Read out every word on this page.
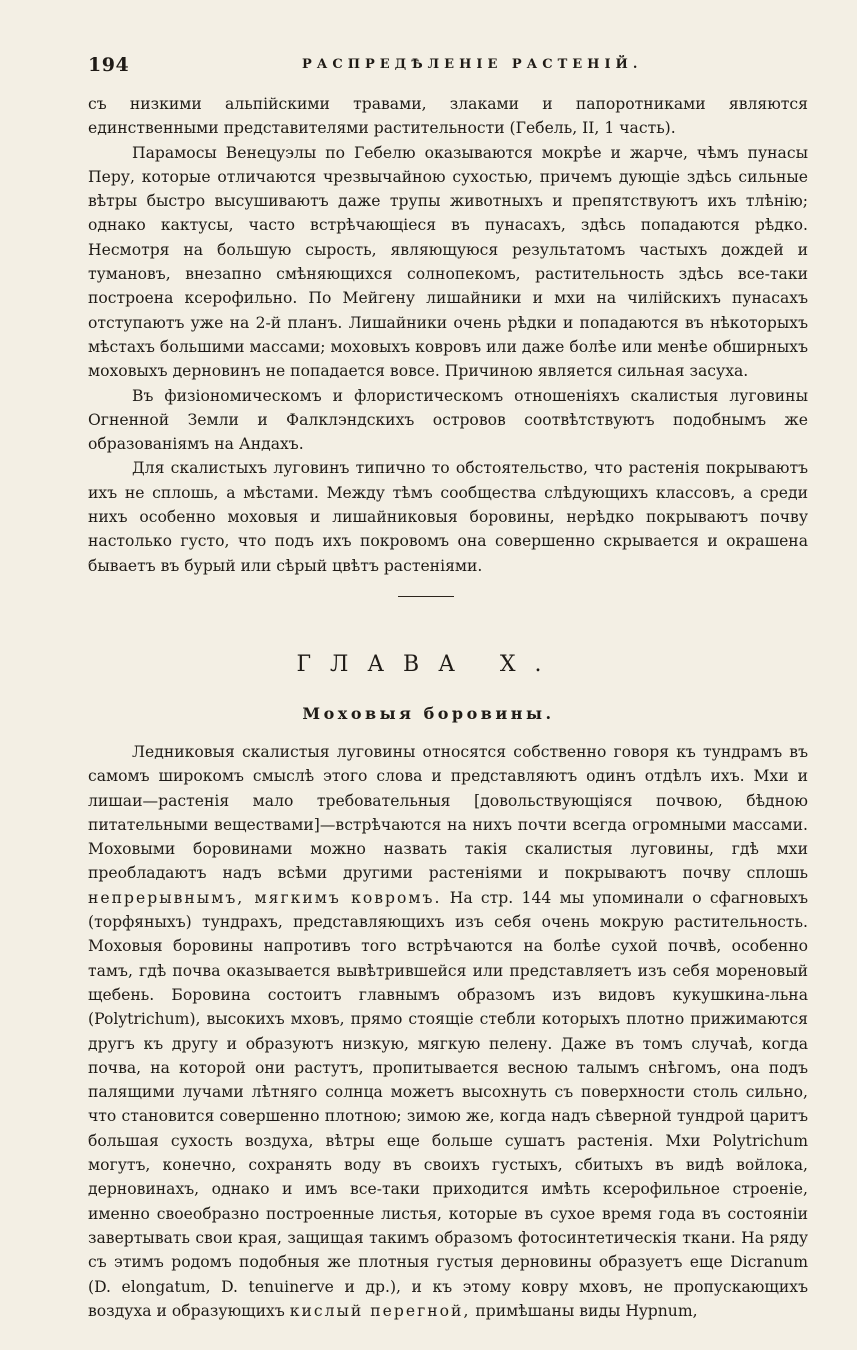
194	РАСПРЕДѢЛЕНІЕ РАСТЕНІЙ.

съ низкими альпійскими травами, злаками и папоротниками являются единственными представителями растительности (Гебель, II, 1 часть).

Парамосы Венецуэлы по Гебелю оказываются мокрѣе и жарче, чѣмъ пунасы Перу, которые отличаются чрезвычайною сухостью, причемъ дующіе здѣсь сильные вѣтры быстро высушиваютъ даже трупы животныхъ и препятствуютъ ихъ тлѣнію; однако кактусы, часто встрѣчающіеся въ пунасахъ, здѣсь попадаются рѣдко. Несмотря на большую сырость, являющуюся результатомъ частыхъ дождей и тумановъ, внезапно смѣняющихся солнопекомъ, растительность здѣсь все-таки построена ксерофильно. По Мейгену лишайники и мхи на чилійскихъ пунасахъ отступаютъ уже на 2-й планъ. Лишайники очень рѣдки и попадаются въ нѣкоторыхъ мѣстахъ большими массами; моховыхъ ковровъ или даже болѣе или менѣе обширныхъ моховыхъ дерновинъ не попадается вовсе. Причиною является сильная засуха.

Въ физіономическомъ и флористическомъ отношеніяхъ скалистыя луговины Огненной Земли и Фалклэндскихъ островов соотвѣтствуютъ подобнымъ же образованіямъ на Андахъ.

Для скалистыхъ луговинъ типично то обстоятельство, что растенія покрываютъ ихъ не сплошь, а мѣстами. Между тѣмъ сообщества слѣдующихъ классовъ, а среди нихъ особенно моховыя и лишайниковыя боровины, нерѣдко покрываютъ почву настолько густо, что подъ ихъ покровомъ она совершенно скрывается и окрашена бываетъ въ бурый или сѣрый цвѣтъ растеніями.

ГЛАВА X.
Моховыя боровины.

Ледниковыя скалистыя луговины относятся собственно говоря къ тундрамъ въ самомъ широкомъ смыслѣ этого слова и представляютъ одинъ отдѣлъ ихъ. Мхи и лишаи—растенія мало требовательныя [довольствующіяся почвою, бѣдною питательными веществами]—встрѣчаются на нихъ почти всегда огромными массами. Моховыми боровинами можно назвать такія скалистыя луговины, гдѣ мхи преобладаютъ надъ всѣми другими растеніями и покрываютъ почву сплошь непрерывнымъ, мягкимъ ковромъ. На стр. 144 мы упоминали о сфагновыхъ (торфяныхъ) тундрахъ, представляющихъ изъ себя очень мокрую растительность. Моховыя боровины напротивъ того встрѣчаются на болѣе сухой почвѣ, особенно тамъ, гдѣ почва оказывается вывѣтрившейся или представляетъ изъ себя мореновый щебень. Боровина состоитъ главнымъ образомъ изъ видовъ кукушкина-льна (Polytrichum), высокихъ мховъ, прямо стоящіе стебли которыхъ плотно прижимаются другъ къ другу и образуютъ низкую, мягкую пелену. Даже въ томъ случаѣ, когда почва, на которой они растутъ, пропитывается весною талымъ снѣгомъ, она подъ палящими лучами лѣтняго солнца можетъ высохнуть съ поверхности столь сильно, что становится совершенно плотною; зимою же, когда надъ сѣверной тундрой царитъ большая сухость воздуха, вѣтры еще больше сушатъ растенія. Мхи Polytrichum могутъ, конечно, сохранять воду въ своихъ густыхъ, сбитыхъ въ видѣ войлока, дерновинахъ, однако и имъ все-таки приходится имѣть ксерофильное строеніе, именно своеобразно построенные листья, которые въ сухое время года въ состояніи завертывать свои края, защищая такимъ образомъ фотосинтетическія ткани. На ряду съ этимъ родомъ подобныя же плотныя густыя дерновины образуетъ еще Dicranum (D. elongatum, D. tenuinerve и др.), и къ этому ковру мховъ, не пропускающихъ воздуха и образующихъ кислый перегной, примѣшаны виды Hypnum,
